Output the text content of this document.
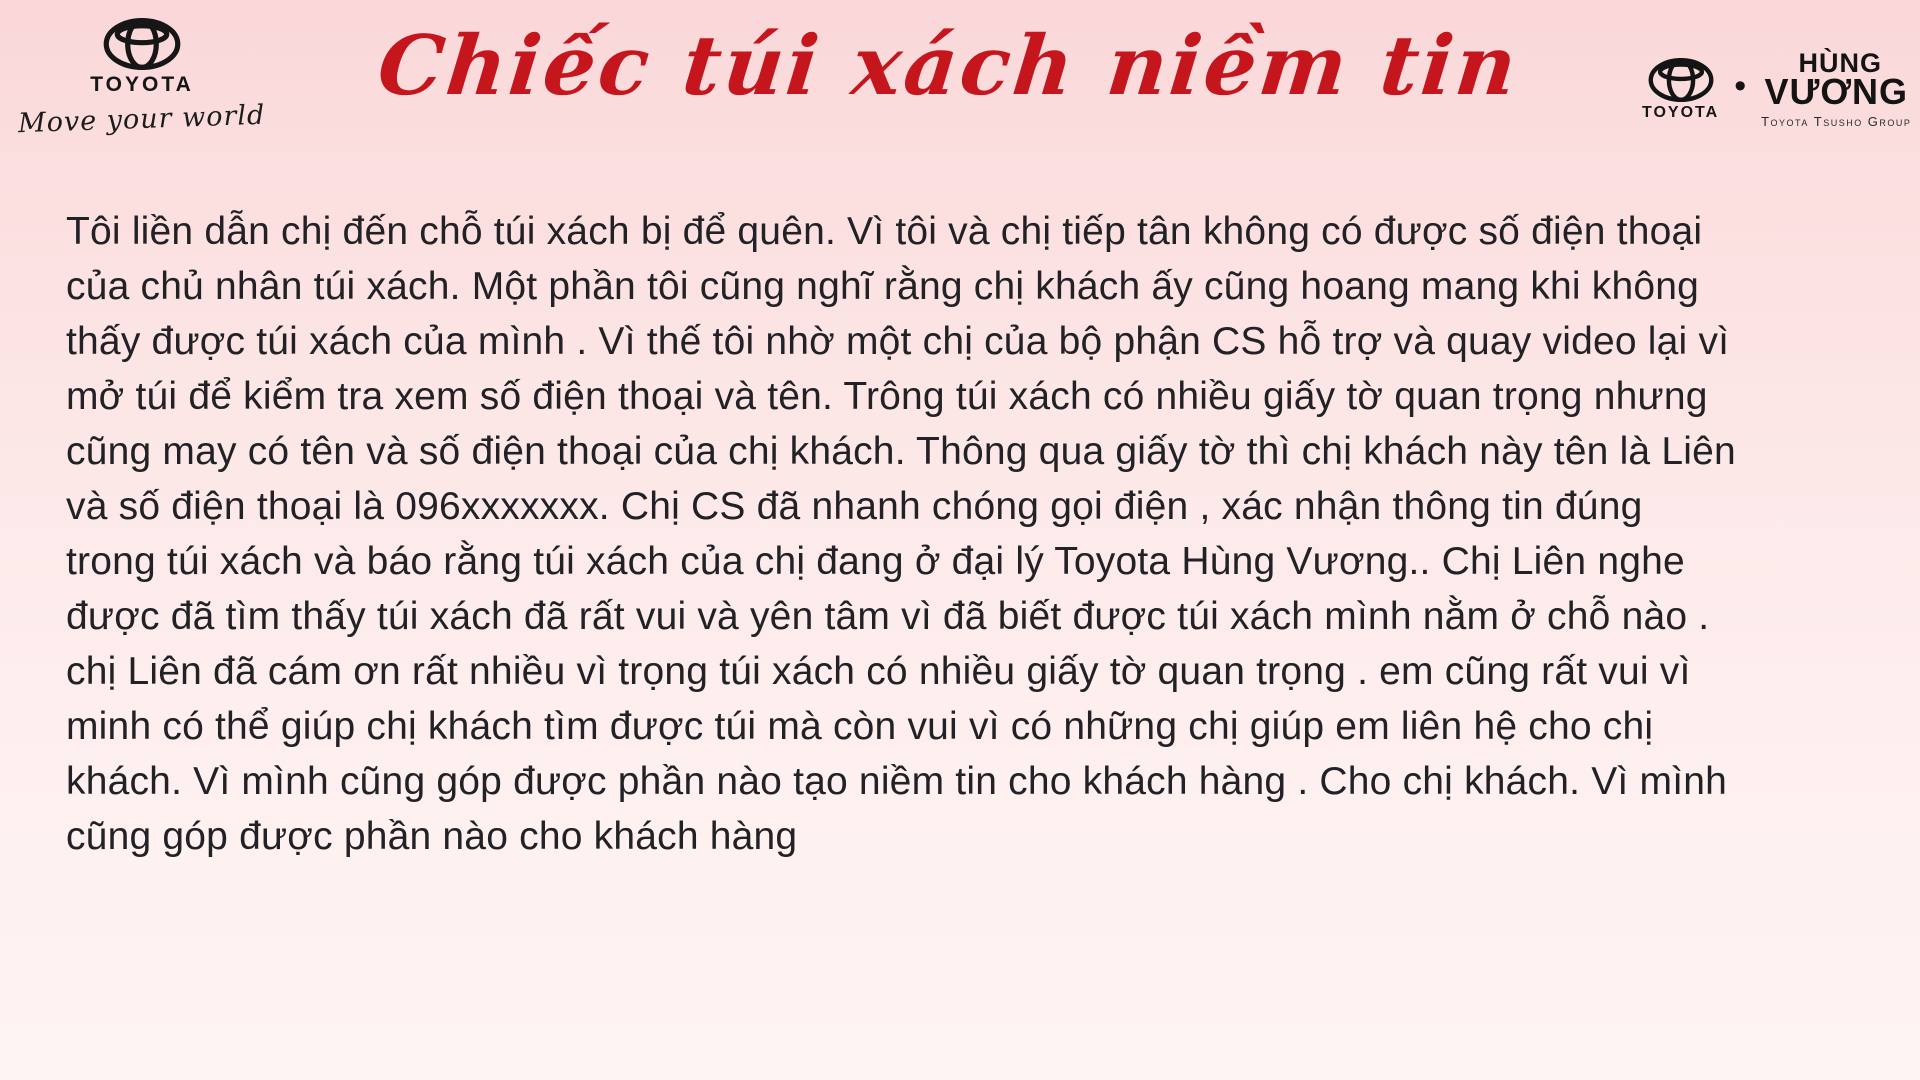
TOYOTA
Move your world
Chiếc túi xách niềm tin	TOYOTA
•
HÙNG
VƯƠNG
Toyota Tsusho Group
Tôi liền dẫn chị đến chỗ túi xách bị để quên. Vì tôi và chị tiếp tân không có được số điện thoại
của chủ nhân túi xách. Một phần tôi cũng nghĩ rằng chị khách ấy cũng hoang mang khi không
thấy được túi xách của mình . Vì thế tôi nhờ một chị của bộ phận CS hỗ trợ và quay video lại vì
mở túi để kiểm tra xem số điện thoại và tên. Trông túi xách có nhiều giấy tờ quan trọng nhưng
cũng may có tên và số điện thoại của chị khách. Thông qua giấy tờ thì chị khách này tên là Liên
và số điện thoại là 096xxxxxxx. Chị CS đã nhanh chóng gọi điện , xác nhận thông tin đúng
trong túi xách và báo rằng túi xách của chị đang ở đại lý Toyota Hùng Vương.. Chị Liên nghe
được đã tìm thấy túi xách đã rất vui và yên tâm vì đã biết được túi xách mình nằm ở chỗ nào .
chị Liên đã cám ơn rất nhiều vì trọng túi xách có nhiều giấy tờ quan trọng . em cũng rất vui vì
minh có thể giúp chị khách tìm được túi mà còn vui vì có những chị giúp em liên hệ cho chị
khách. Vì mình cũng góp được phần nào tạo niềm tin cho khách hàng . Cho chị khách. Vì mình
cũng góp được phần nào cho khách hàng
